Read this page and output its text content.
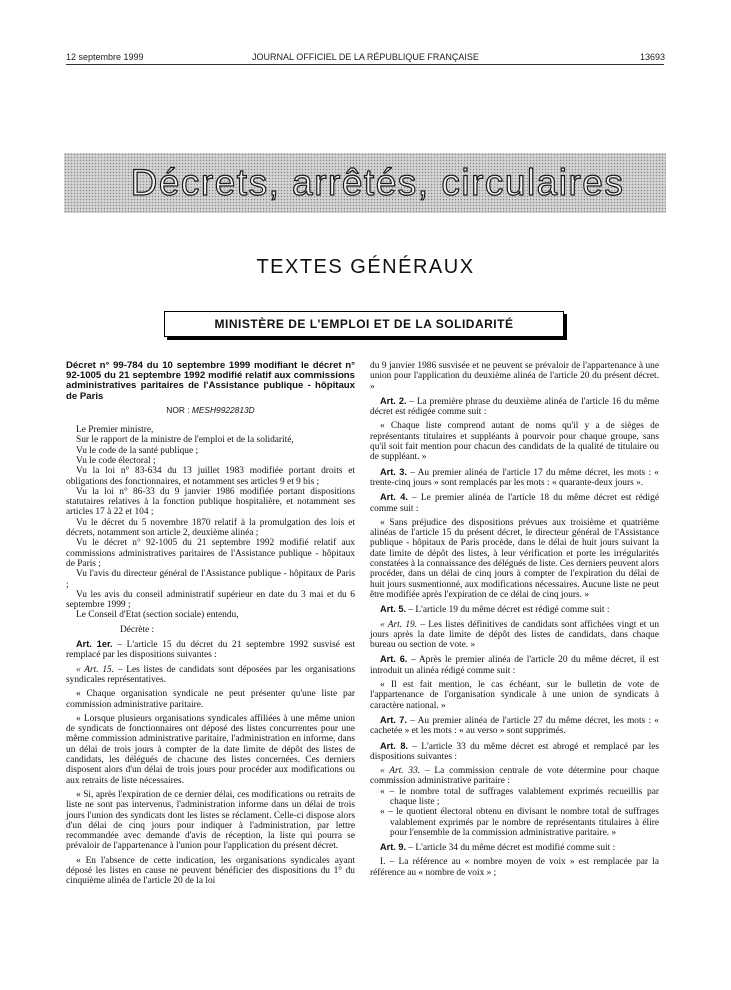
12 septembre 1999	JOURNAL OFFICIEL DE LA RÉPUBLIQUE FRANÇAISE	13693
Décrets, arrêtés, circulaires
TEXTES GÉNÉRAUX
MINISTÈRE DE L'EMPLOI ET DE LA SOLIDARITÉ

Décret n° 99-784 du 10 septembre 1999 modifiant le décret n° 92-1005 du 21 septembre 1992 modifié relatif aux commissions administratives paritaires de l'Assistance publique - hôpitaux de Paris

NOR : MESH9922813D

Le Premier ministre,

Sur le rapport de la ministre de l'emploi et de la solidarité,

Vu le code de la santé publique ;

Vu le code électoral ;

Vu la loi n° 83-634 du 13 juillet 1983 modifiée portant droits et obligations des fonctionnaires, et notamment ses articles 9 et 9 bis ;

Vu la loi n° 86-33 du 9 janvier 1986 modifiée portant dispositions statutaires relatives à la fonction publique hospitalière, et notamment ses articles 17 à 22 et 104 ;

Vu le décret du 5 novembre 1870 relatif à la promulgation des lois et décrets, notamment son article 2, deuxième alinéa ;

Vu le décret n° 92-1005 du 21 septembre 1992 modifié relatif aux commissions administratives paritaires de l'Assistance publique - hôpitaux de Paris ;

Vu l'avis du directeur général de l'Assistance publique - hôpitaux de Paris ;

Vu les avis du conseil administratif supérieur en date du 3 mai et du 6 septembre 1999 ;

Le Conseil d'Etat (section sociale) entendu,

Décrète :

Art. 1er. – L'article 15 du décret du 21 septembre 1992 susvisé est remplacé par les dispositions suivantes :

« Art. 15. – Les listes de candidats sont déposées par les organisations syndicales représentatives.

« Chaque organisation syndicale ne peut présenter qu'une liste par commission administrative paritaire.

« Lorsque plusieurs organisations syndicales affiliées à une même union de syndicats de fonctionnaires ont déposé des listes concurrentes pour une même commission administrative paritaire, l'administration en informe, dans un délai de trois jours à compter de la date limite de dépôt des listes de candidats, les délégués de chacune des listes concernées. Ces derniers disposent alors d'un délai de trois jours pour procéder aux modifications ou aux retraits de liste nécessaires.

« Si, après l'expiration de ce dernier délai, ces modifications ou retraits de liste ne sont pas intervenus, l'administration informe dans un délai de trois jours l'union des syndicats dont les listes se réclament. Celle-ci dispose alors d'un délai de cinq jours pour indiquer à l'administration, par lettre recommandée avec demande d'avis de réception, la liste qui pourra se prévaloir de l'appartenance à l'union pour l'application du présent décret.

« En l'absence de cette indication, les organisations syndicales ayant déposé les listes en cause ne peuvent bénéficier des dispositions du 1° du cinquième alinéa de l'article 20 de la loi

du 9 janvier 1986 susvisée et ne peuvent se prévaloir de l'appartenance à une union pour l'application du deuxième alinéa de l'article 20 du présent décret. »

Art. 2. – La première phrase du deuxième alinéa de l'article 16 du même décret est rédigée comme suit :

« Chaque liste comprend autant de noms qu'il y a de sièges de représentants titulaires et suppléants à pourvoir pour chaque groupe, sans qu'il soit fait mention pour chacun des candidats de la qualité de titulaire ou de suppléant. »

Art. 3. – Au premier alinéa de l'article 17 du même décret, les mots : « trente-cinq jours » sont remplacés par les mots : « quarante-deux jours ».

Art. 4. – Le premier alinéa de l'article 18 du même décret est rédigé comme suit :

« Sans préjudice des dispositions prévues aux troisième et quatrième alinéas de l'article 15 du présent décret, le directeur général de l'Assistance publique - hôpitaux de Paris procède, dans le délai de huit jours suivant la date limite de dépôt des listes, à leur vérification et porte les irrégularités constatées à la connaissance des délégués de liste. Ces derniers peuvent alors procéder, dans un délai de cinq jours à compter de l'expiration du délai de huit jours susmentionné, aux modifications nécessaires. Aucune liste ne peut être modifiée après l'expiration de ce délai de cinq jours. »

Art. 5. – L'article 19 du même décret est rédigé comme suit :

« Art. 19. – Les listes définitives de candidats sont affichées vingt et un jours après la date limite de dépôt des listes de candidats, dans chaque bureau ou section de vote. »

Art. 6. – Après le premier alinéa de l'article 20 du même décret, il est introduit un alinéa rédigé comme suit :

« Il est fait mention, le cas échéant, sur le bulletin de vote de l'appartenance de l'organisation syndicale à une union de syndicats à caractère national. »

Art. 7. – Au premier alinéa de l'article 27 du même décret, les mots : « cachetée » et les mots : « au verso » sont supprimés.

Art. 8. – L'article 33 du même décret est abrogé et remplacé par les dispositions suivantes :

« Art. 33. – La commission centrale de vote détermine pour chaque commission administrative paritaire :

« – le nombre total de suffrages valablement exprimés recueillis par chaque liste ;

« – le quotient électoral obtenu en divisant le nombre total de suffrages valablement exprimés par le nombre de représentants titulaires à élire pour l'ensemble de la commission administrative paritaire. »

Art. 9. – L'article 34 du même décret est modifié comme suit :

I. – La référence au « nombre moyen de voix » est remplacée par la référence au « nombre de voix » ;
